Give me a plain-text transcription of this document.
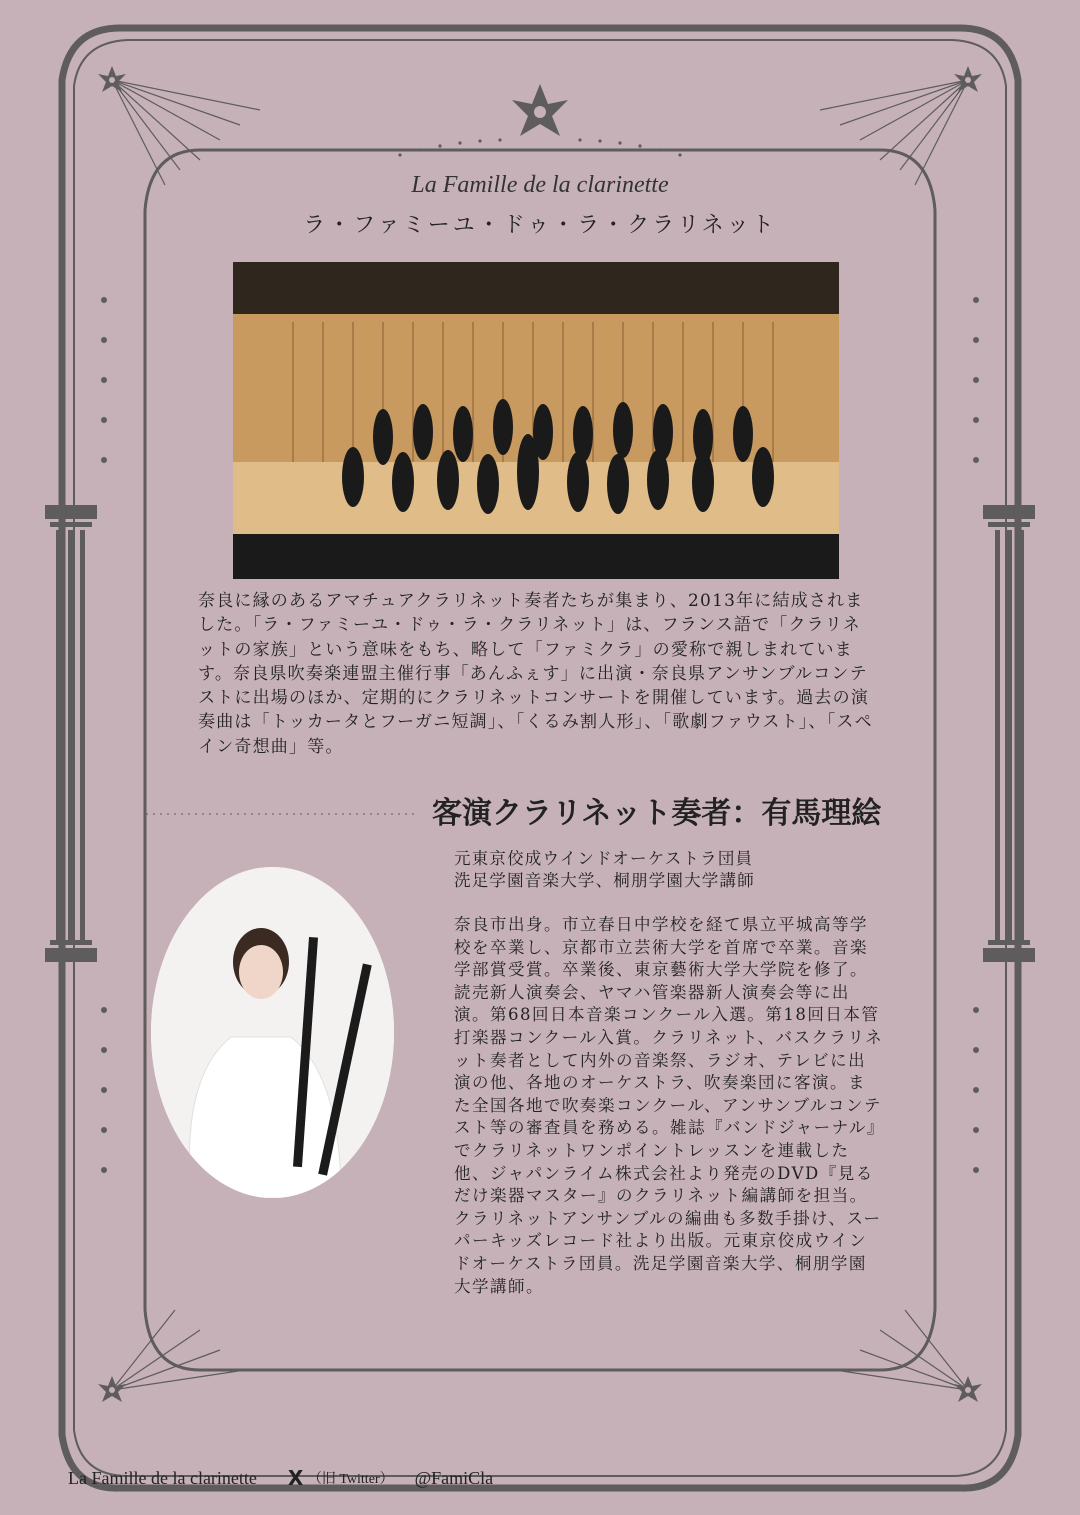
La Famille de la clarinette
ラ・ファミーユ・ドゥ・ラ・クラリネット

奈良に縁のあるアマチュアクラリネット奏者たちが集まり、2013年に結成されました。「ラ・ファミーユ・ドゥ・ラ・クラリネット」は、フランス語で「クラリネットの家族」という意味をもち、略して「ファミクラ」の愛称で親しまれています。奈良県吹奏楽連盟主催行事「あんふぇす」に出演・奈良県アンサンブルコンテストに出場のほか、定期的にクラリネットコンサートを開催しています。過去の演奏曲は「トッカータとフーガニ短調」、「くるみ割人形」、「歌劇ファウスト」、「スペイン奇想曲」等。

客演クラリネット奏者：有馬理絵
元東京佼成ウインドオーケストラ団員
洗足学園音楽大学、桐朋学園大学講師

奈良市出身。市立春日中学校を経て県立平城高等学校を卒業し、京都市立芸術大学を首席で卒業。音楽学部賞受賞。卒業後、東京藝術大学大学院を修了。読売新人演奏会、ヤマハ管楽器新人演奏会等に出演。第68回日本音楽コンクール入選。第18回日本管打楽器コンクール入賞。クラリネット、バスクラリネット奏者として内外の音楽祭、ラジオ、テレビに出演の他、各地のオーケストラ、吹奏楽団に客演。また全国各地で吹奏楽コンクール、アンサンブルコンテスト等の審査員を務める。雑誌『バンドジャーナル』でクラリネットワンポイントレッスンを連載した他、ジャパンライム株式会社より発売のDVD『見るだけ楽器マスター』のクラリネット編講師を担当。クラリネットアンサンブルの編曲も多数手掛け、スーパーキッズレコード社より出版。元東京佼成ウインドオーケストラ団員。洗足学園音楽大学、桐朋学園大学講師。

La Famille de la clarinette X （旧 Twitter） @FamiCla
